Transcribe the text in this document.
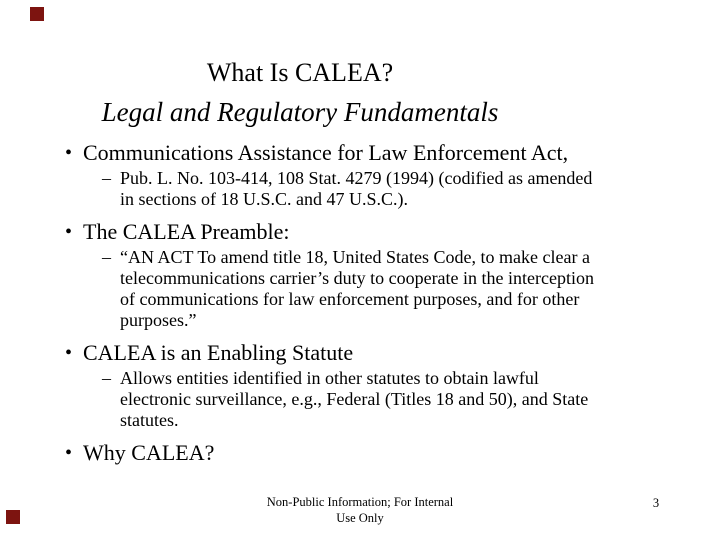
What Is CALEA?
Legal and Regulatory Fundamentals
• Communications Assistance for Law Enforcement Act,
– Pub. L. No. 103-414, 108 Stat. 4279 (1994) (codified as amended
in sections of 18 U.S.C. and 47 U.S.C.).
• The CALEA Preamble:
– “AN ACT To amend title 18, United States Code, to make clear a
telecommunications carrier’s duty to cooperate in the interception
of communications for law enforcement purposes, and for other
purposes.”
• CALEA is an Enabling Statute
– Allows entities identified in other statutes to obtain lawful
electronic surveillance, e.g., Federal (Titles 18 and 50), and State
statutes.
• Why CALEA?
Non-Public Information; For Internal
Use Only
3
